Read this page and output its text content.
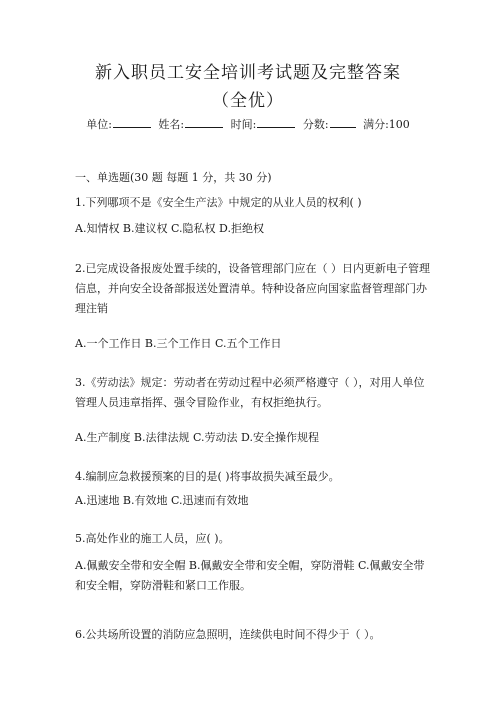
新入职员工安全培训考试题及完整答案
（全优）
单位:	姓名:	时间:	分数:	满分:100
一、单选题(30 题 每题 1 分，共 30 分)
1.下列哪项不是《安全生产法》中规定的从业人员的权利( )
A.知情权 B.建议权 C.隐私权 D.拒绝权
2.已完成设备报废处置手续的，设备管理部门应在（ ）日内更新电子管理信息，并向安全设备部报送处置清单。特种设备应向国家监督管理部门办理注销
A.一个工作日 B.三个工作日 C.五个工作日
3.《劳动法》规定：劳动者在劳动过程中必须严格遵守（ ），对用人单位管理人员违章指挥、强令冒险作业，有权拒绝执行。
A.生产制度 B.法律法规 C.劳动法 D.安全操作规程
4.编制应急救援预案的目的是( )将事故损失减至最少。
A.迅速地 B.有效地 C.迅速而有效地
5.高处作业的施工人员，应( )。
A.佩戴安全带和安全帽 B.佩戴安全带和安全帽，穿防滑鞋 C.佩戴安全带和安全帽，穿防滑鞋和紧口工作服。
6.公共场所设置的消防应急照明，连续供电时间不得少于（ ）。
